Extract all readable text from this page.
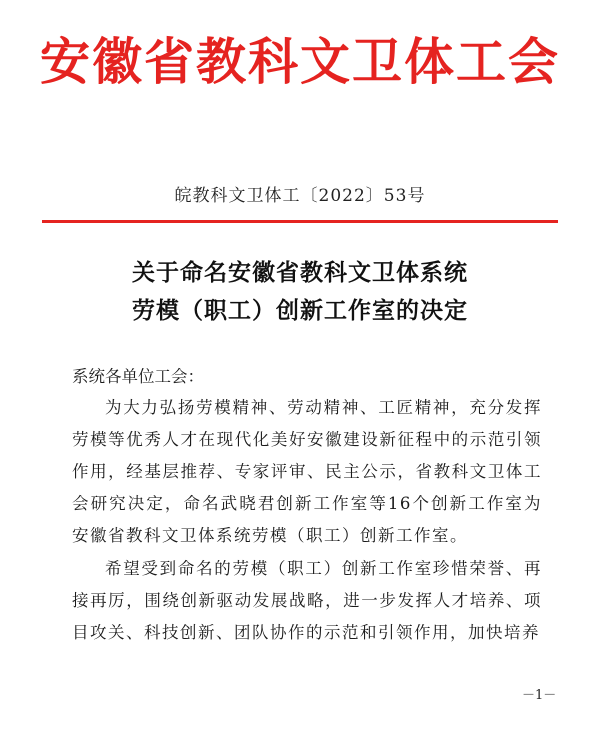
安徽省教科文卫体工会
皖教科文卫体工〔2022〕53号
关于命名安徽省教科文卫体系统
劳模（职工）创新工作室的决定
系统各单位工会：

为大力弘扬劳模精神、劳动精神、工匠精神，充分发挥劳模等优秀人才在现代化美好安徽建设新征程中的示范引领作用，经基层推荐、专家评审、民主公示，省教科文卫体工会研究决定，命名武晓君创新工作室等16个创新工作室为安徽省教科文卫体系统劳模（职工）创新工作室。

希望受到命名的劳模（职工）创新工作室珍惜荣誉、再接再厉，围绕创新驱动发展战略，进一步发挥人才培养、项目攻关、科技创新、团队协作的示范和引领作用，加快培养

－1－
